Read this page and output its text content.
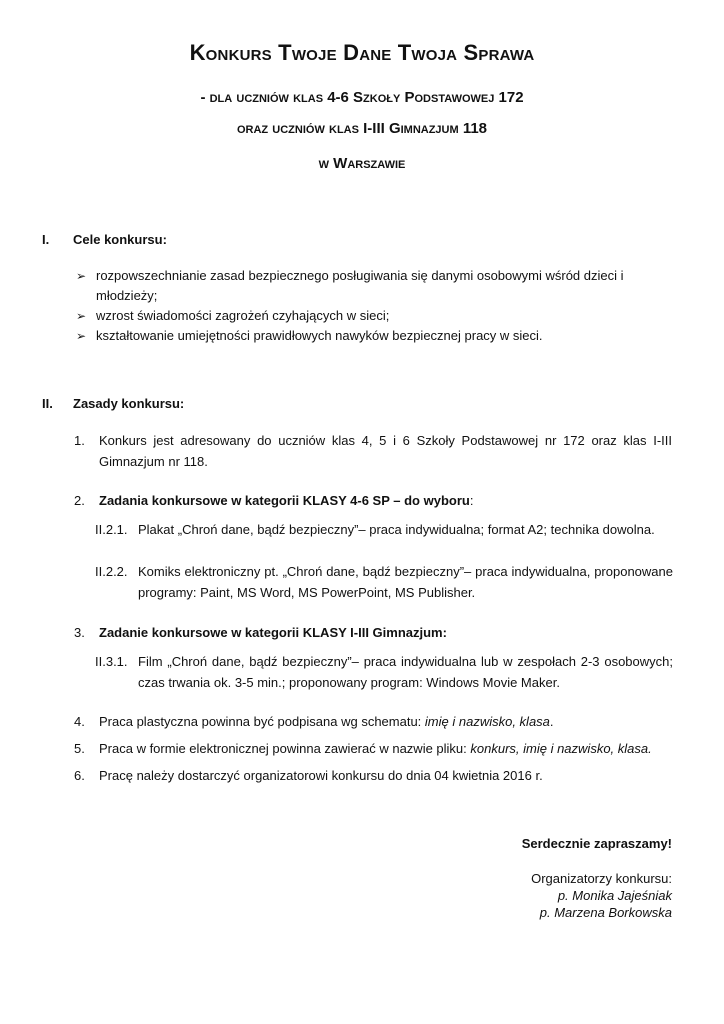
Konkurs Twoje Dane Twoja Sprawa
- dla uczniów klas 4-6 Szkoły Podstawowej 172
oraz uczniów klas I-III Gimnazjum 118
w Warszawie
I. Cele konkursu:
➢ rozpowszechnianie zasad bezpiecznego posługiwania się danymi osobowymi wśród dzieci i młodzieży;
➢ wzrost świadomości zagrożeń czyhających w sieci;
➢ kształtowanie umiejętności prawidłowych nawyków bezpiecznej pracy w sieci.
II. Zasady konkursu:
1. Konkurs jest adresowany do uczniów klas 4, 5 i 6 Szkoły Podstawowej nr 172 oraz klas I-III Gimnazjum nr 118.
2. Zadania konkursowe w kategorii KLASY 4-6 SP – do wyboru:
II.2.1. Plakat „Chroń dane, bądź bezpieczny”– praca indywidualna; format A2; technika dowolna.
II.2.2. Komiks elektroniczny pt. „Chroń dane, bądź bezpieczny”– praca indywidualna, proponowane programy: Paint, MS Word, MS PowerPoint, MS Publisher.
3. Zadanie konkursowe w kategorii KLASY I-III Gimnazjum:
II.3.1. Film „Chroń dane, bądź bezpieczny”– praca indywidualna lub w zespołach 2-3 osobowych; czas trwania ok. 3-5 min.; proponowany program: Windows Movie Maker.
4. Praca plastyczna powinna być podpisana wg schematu: imię i nazwisko, klasa.
5. Praca w formie elektronicznej powinna zawierać w nazwie pliku: konkurs, imię i nazwisko, klasa.
6. Pracę należy dostarczyć organizatorowi konkursu do dnia 04 kwietnia 2016 r.
Serdecznie zapraszamy!
Organizatorzy konkursu:
p. Monika Jajeśniak
p. Marzena Borkowska
